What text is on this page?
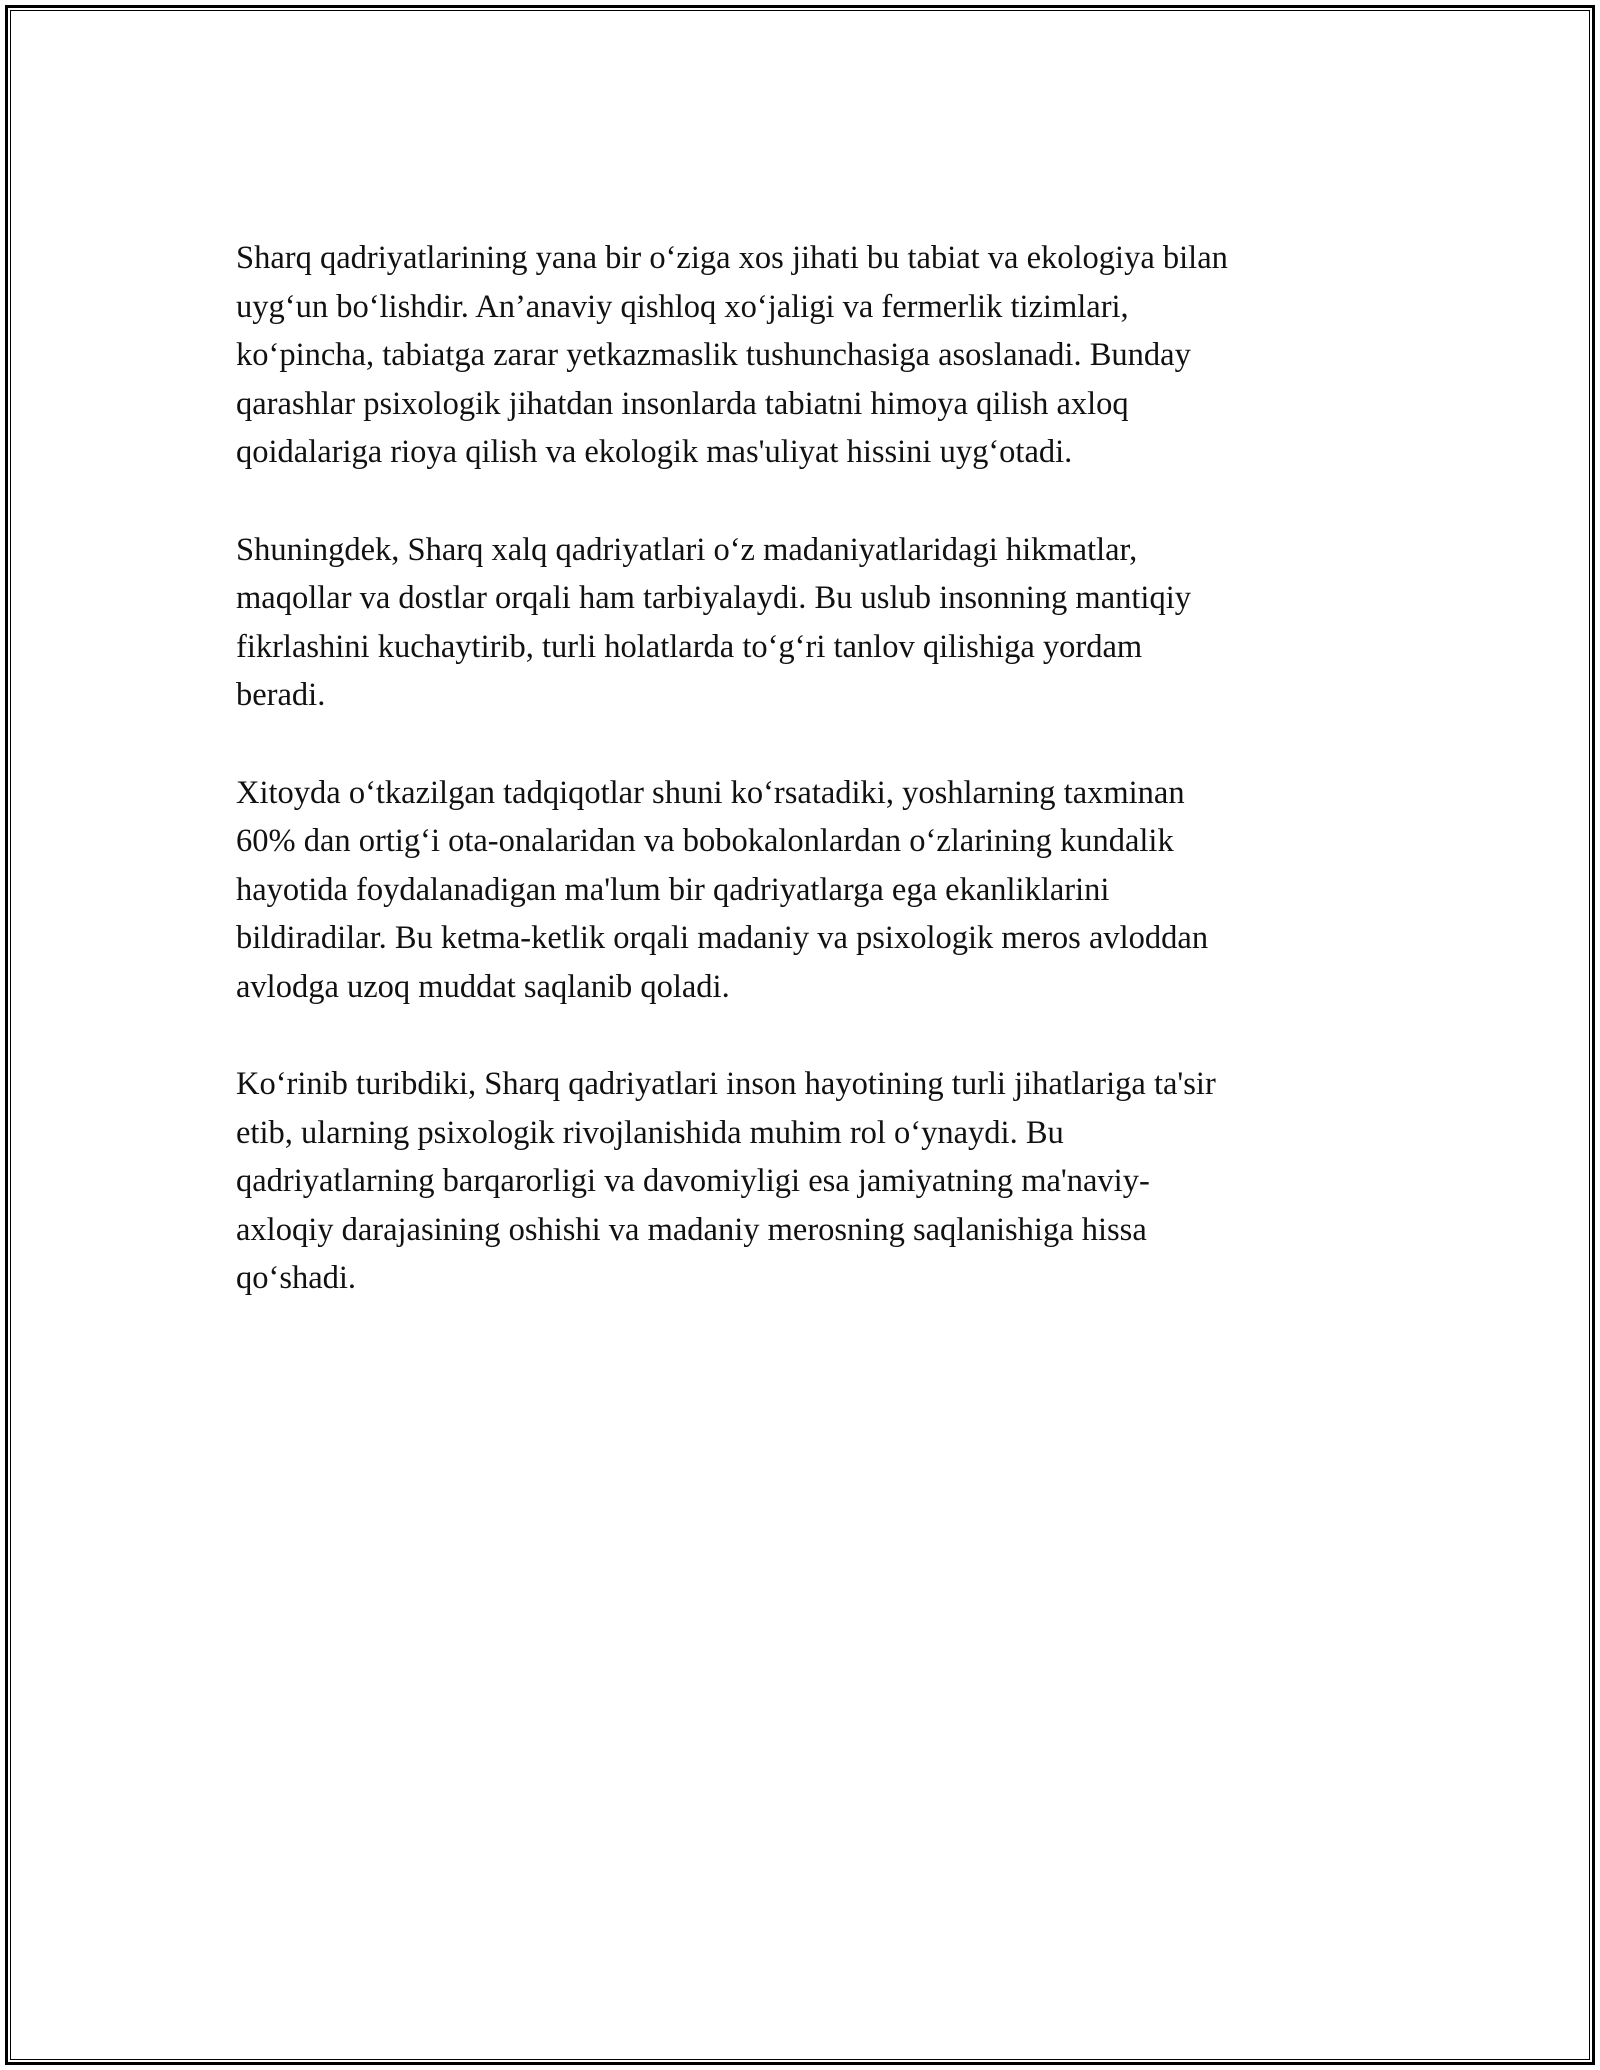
Sharq qadriyatlarining yana bir o‘ziga xos jihati bu tabiat va ekologiya bilan
uyg‘un bo‘lishdir. An’anaviy qishloq xo‘jaligi va fermerlik tizimlari,
ko‘pincha, tabiatga zarar yetkazmaslik tushunchasiga asoslanadi. Bunday
qarashlar psixologik jihatdan insonlarda tabiatni himoya qilish axloq
qoidalariga rioya qilish va ekologik mas'uliyat hissini uyg‘otadi.

Shuningdek, Sharq xalq qadriyatlari o‘z madaniyatlaridagi hikmatlar,
maqollar va dostlar orqali ham tarbiyalaydi. Bu uslub insonning mantiqiy
fikrlashini kuchaytirib, turli holatlarda to‘g‘ri tanlov qilishiga yordam
beradi.

Xitoyda o‘tkazilgan tadqiqotlar shuni ko‘rsatadiki, yoshlarning taxminan
60% dan ortig‘i ota-onalaridan va bobokalonlardan o‘zlarining kundalik
hayotida foydalanadigan ma'lum bir qadriyatlarga ega ekanliklarini
bildiradilar. Bu ketma-ketlik orqali madaniy va psixologik meros avloddan
avlodga uzoq muddat saqlanib qoladi.

Ko‘rinib turibdiki, Sharq qadriyatlari inson hayotining turli jihatlariga ta'sir
etib, ularning psixologik rivojlanishida muhim rol o‘ynaydi. Bu
qadriyatlarning barqarorligi va davomiyligi esa jamiyatning ma'naviy-
axloqiy darajasining oshishi va madaniy merosning saqlanishiga hissa
qo‘shadi.
